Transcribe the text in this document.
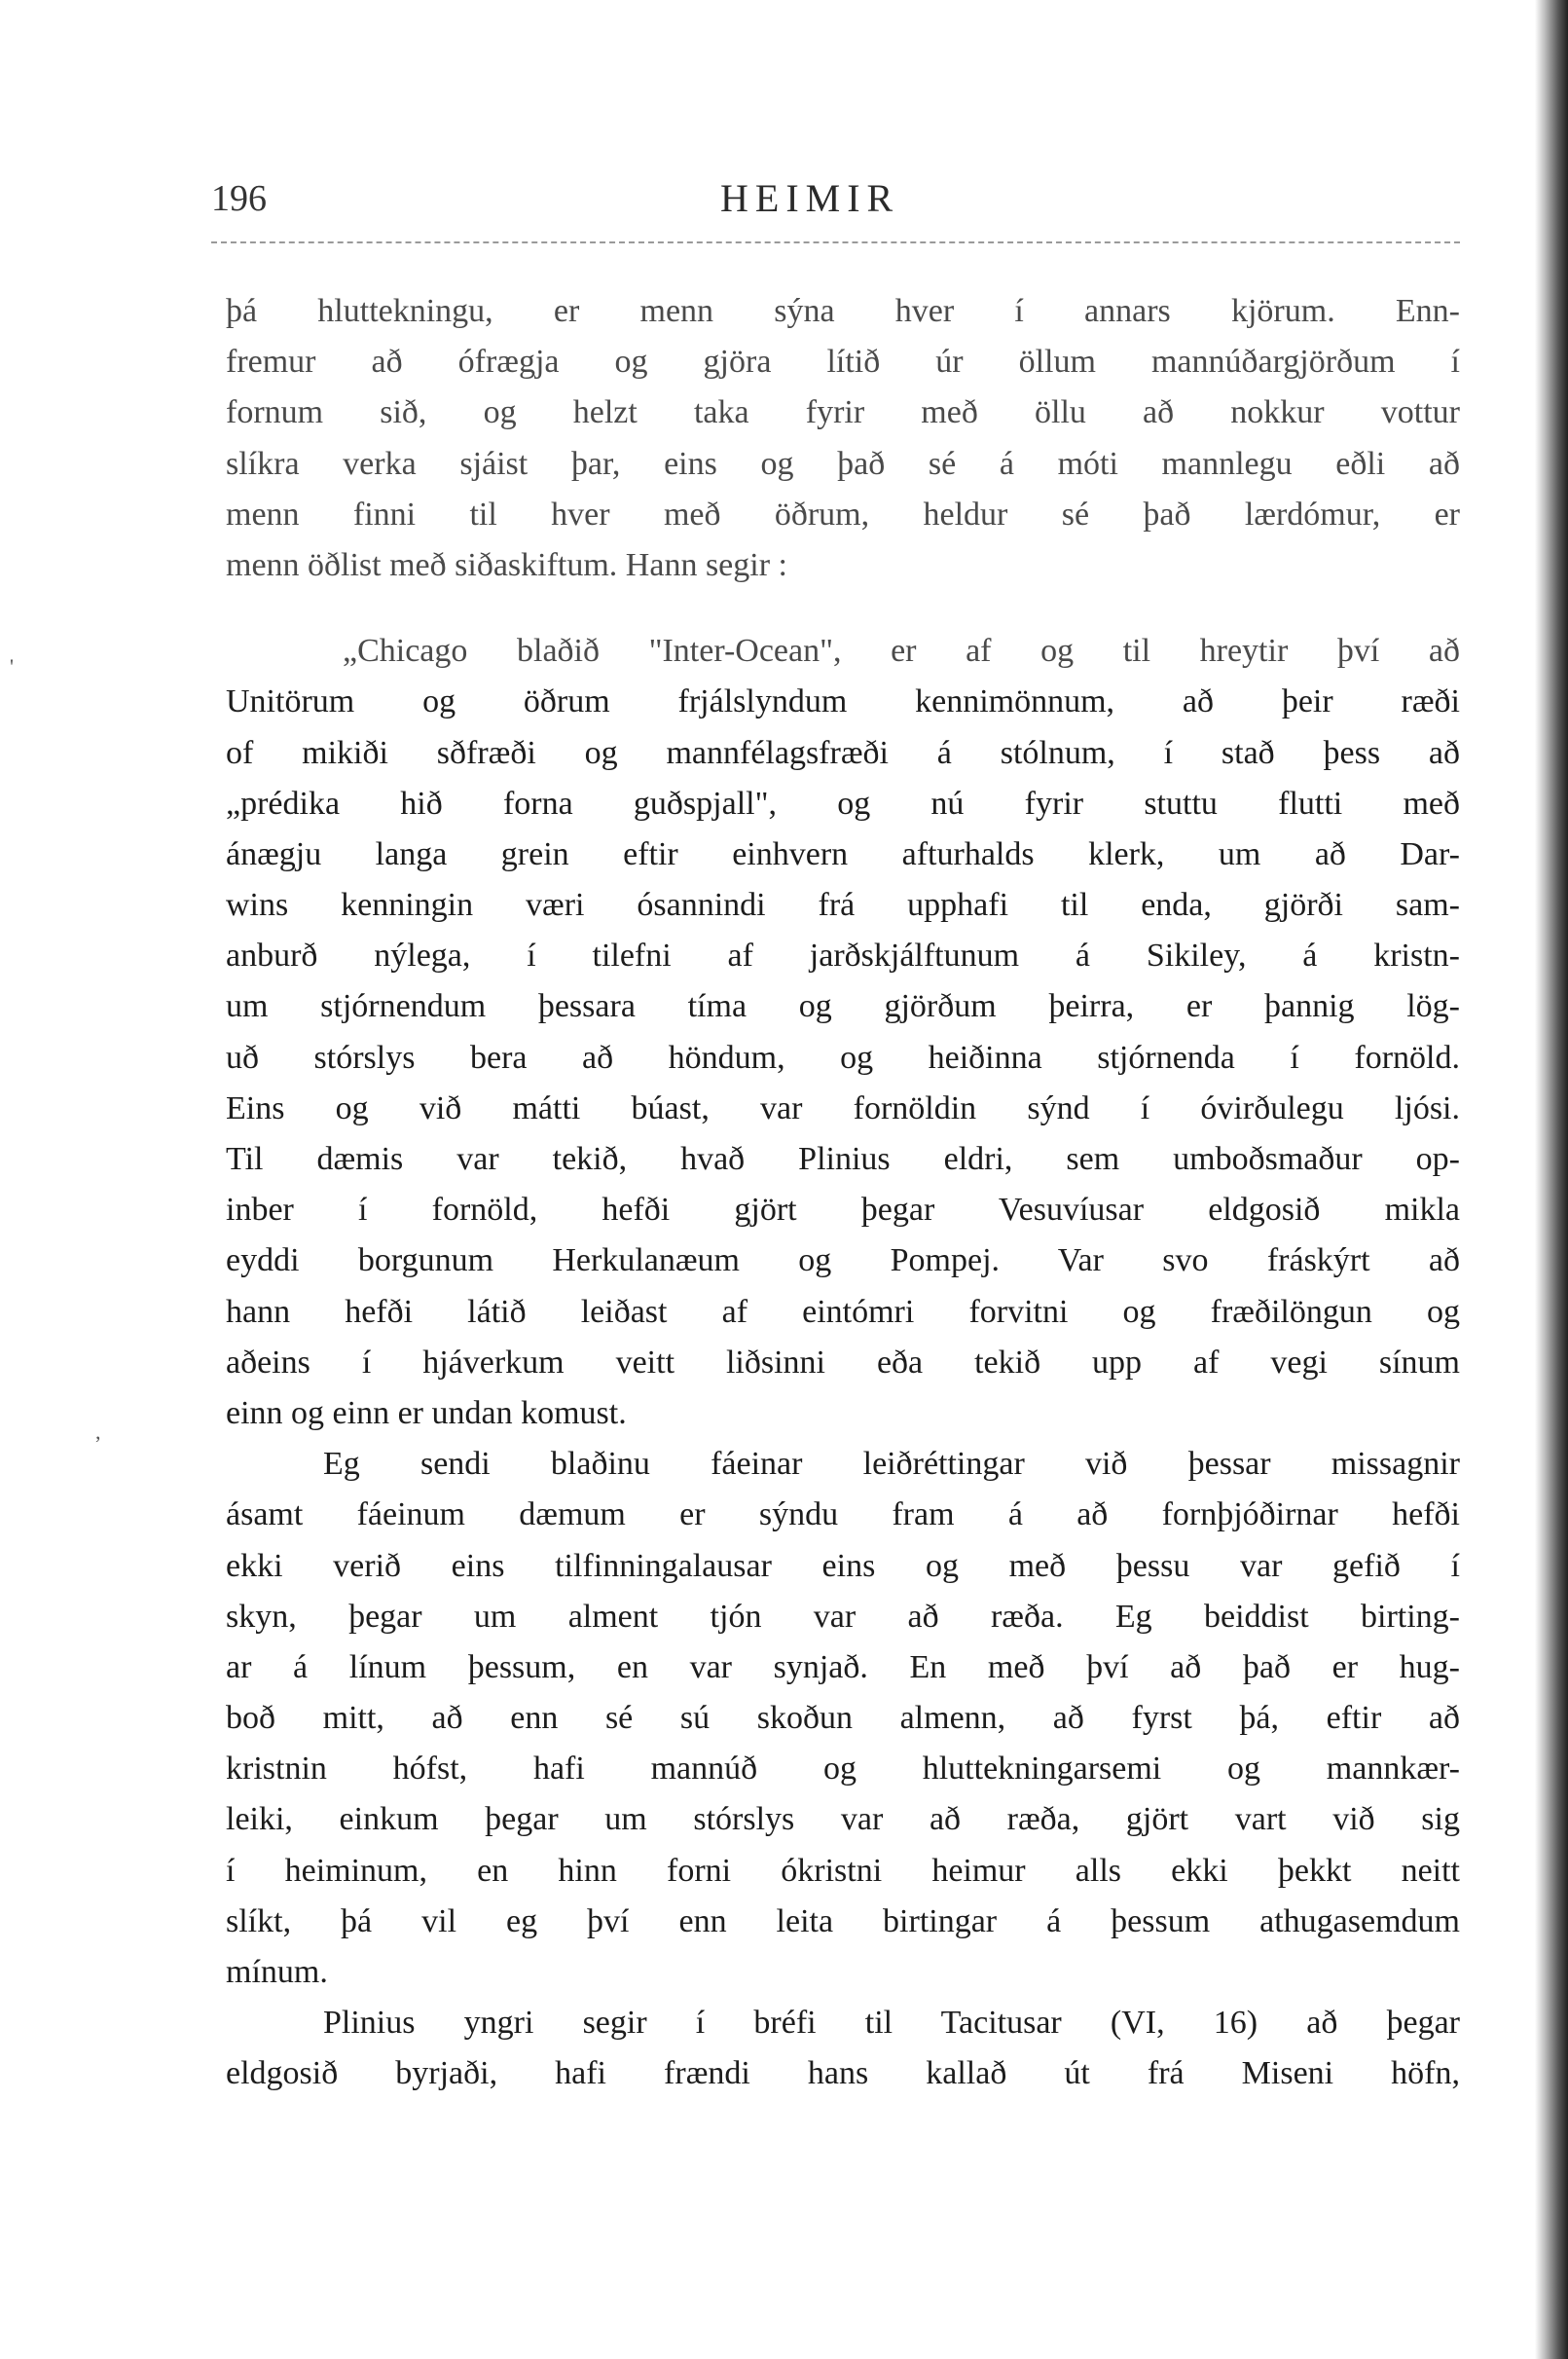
196	HEIMIR
þá hluttekningu, er menn sýna hver í annars kjörum. Enn-
fremur að ófrægja og gjöra lítið úr öllum mannúðargjörðum í
fornum sið, og helzt taka fyrir með öllu að nokkur vottur
slíkra verka sjáist þar, eins og það sé á móti mannlegu eðli að
menn finni til hver með öðrum, heldur sé það lærdómur, er
menn öðlist með siðaskiftum. Hann segir :
„Chicago blaðið "Inter-Ocean", er af og til hreytir því að
Unitörum og öðrum frjálslyndum kennimönnum, að þeir ræði
of mikiði sðfræði og mannfélagsfræði á stólnum, í stað þess að
„prédika hið forna guðspjall", og nú fyrir stuttu flutti með
ánægju langa grein eftir einhvern afturhalds klerk, um að Dar-
wins kenningin væri ósannindi frá upphafi til enda, gjörði sam-
anburð nýlega, í tilefni af jarðskjálftunum á Sikiley, á kristn-
um stjórnendum þessara tíma og gjörðum þeirra, er þannig lög-
uð stórslys bera að höndum, og heiðinna stjórnenda í fornöld.
Eins og við mátti búast, var fornöldin sýnd í óvirðulegu ljósi.
Til dæmis var tekið, hvað Plinius eldri, sem umboðsmaður op-
inber í fornöld, hefði gjört þegar Vesuvíusar eldgosið mikla
eyddi borgunum Herkulanæum og Pompej. Var svo fráskýrt að
hann hefði látið leiðast af eintómri forvitni og fræðilöngun og
aðeins í hjáverkum veitt liðsinni eða tekið upp af vegi sínum
einn og einn er undan komust.
Eg sendi blaðinu fáeinar leiðréttingar við þessar missagnir
ásamt fáeinum dæmum er sýndu fram á að fornþjóðirnar hefði
ekki verið eins tilfinningalausar eins og með þessu var gefið í
skyn, þegar um alment tjón var að ræða. Eg beiddist birting-
ar á línum þessum, en var synjað. En með því að það er hug-
boð mitt, að enn sé sú skoðun almenn, að fyrst þá, eftir að
kristnin hófst, hafi mannúð og hluttekningarsemi og mannkær-
leiki, einkum þegar um stórslys var að ræða, gjört vart við sig
í heiminum, en hinn forni ókristni heimur alls ekki þekkt neitt
slíkt, þá vil eg því enn leita birtingar á þessum athugasemdum
mínum.
Plinius yngri segir í bréfi til Tacitusar (VI, 16) að þegar
eldgosið byrjaði, hafi frændi hans kallað út frá Miseni höfn,
'
,
